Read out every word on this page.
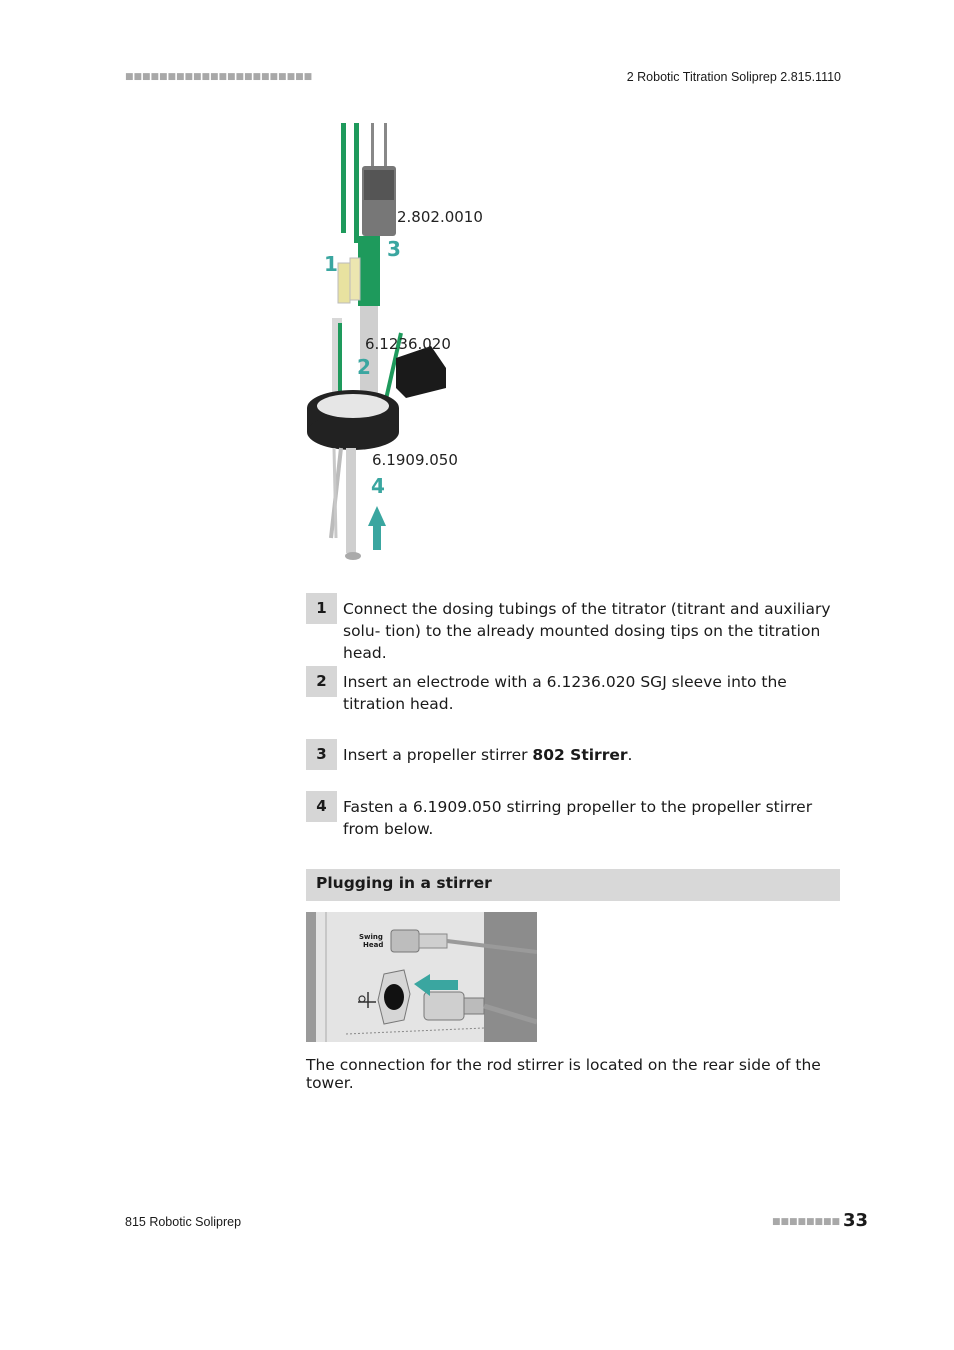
■■■■■■■■■■■■■■■■■■■■■■	2 Robotic Titration Soliprep 2.815.1110
2.802.0010
6.1236.020
6.1909.050
1
2
3
4
1	Connect the dosing tubings of the titrator (titrant and auxiliary solu- tion) to the already mounted dosing tips on the titration head.
2	Insert an electrode with a 6.1236.020 SGJ sleeve into the titration head.
3	Insert a propeller stirrer 802 Stirrer.
4	Fasten a 6.1909.050 stirring propeller to the propeller stirrer from below.
Plugging in a stirrer
Swing
Head
The connection for the rod stirrer is located on the rear side of the tower.
815 Robotic Soliprep	■■■■■■■■ 33
